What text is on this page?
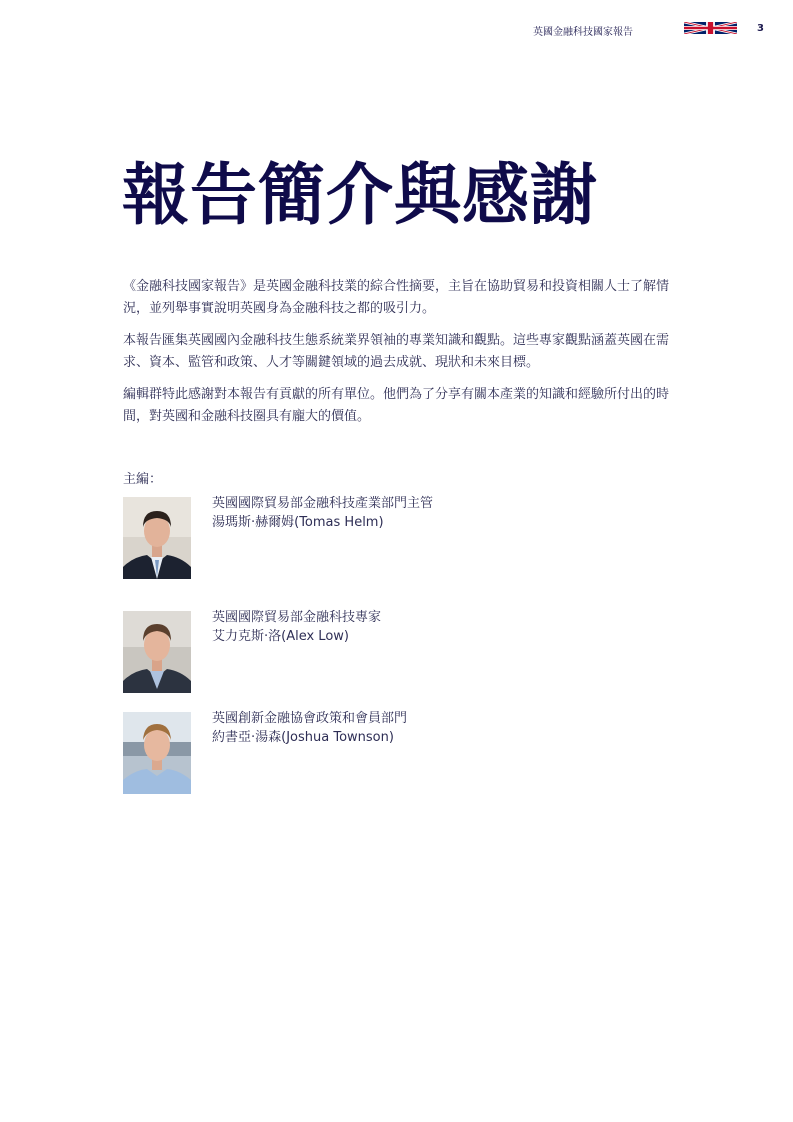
英國金融科技國家報告	3
報告簡介與感謝

《金融科技國家報告》是英國金融科技業的綜合性摘要，主旨在協助貿易和投資相關人士了解情況，並列舉事實說明英國身為金融科技之都的吸引力。

本報告匯集英國國內金融科技生態系統業界領袖的專業知識和觀點。這些專家觀點涵蓋英國在需求、資本、監管和政策、人才等關鍵領域的過去成就、現狀和未來目標。

編輯群特此感謝對本報告有貢獻的所有單位。他們為了分享有關本產業的知識和經驗所付出的時間，對英國和金融科技圈具有龐大的價值。

主編：
英國國際貿易部金融科技產業部門主管
湯瑪斯‧赫爾姆(Tomas Helm)
英國國際貿易部金融科技專家
艾力克斯‧洛(Alex Low)
英國創新金融協會政策和會員部門
約書亞‧湯森(Joshua Townson)
